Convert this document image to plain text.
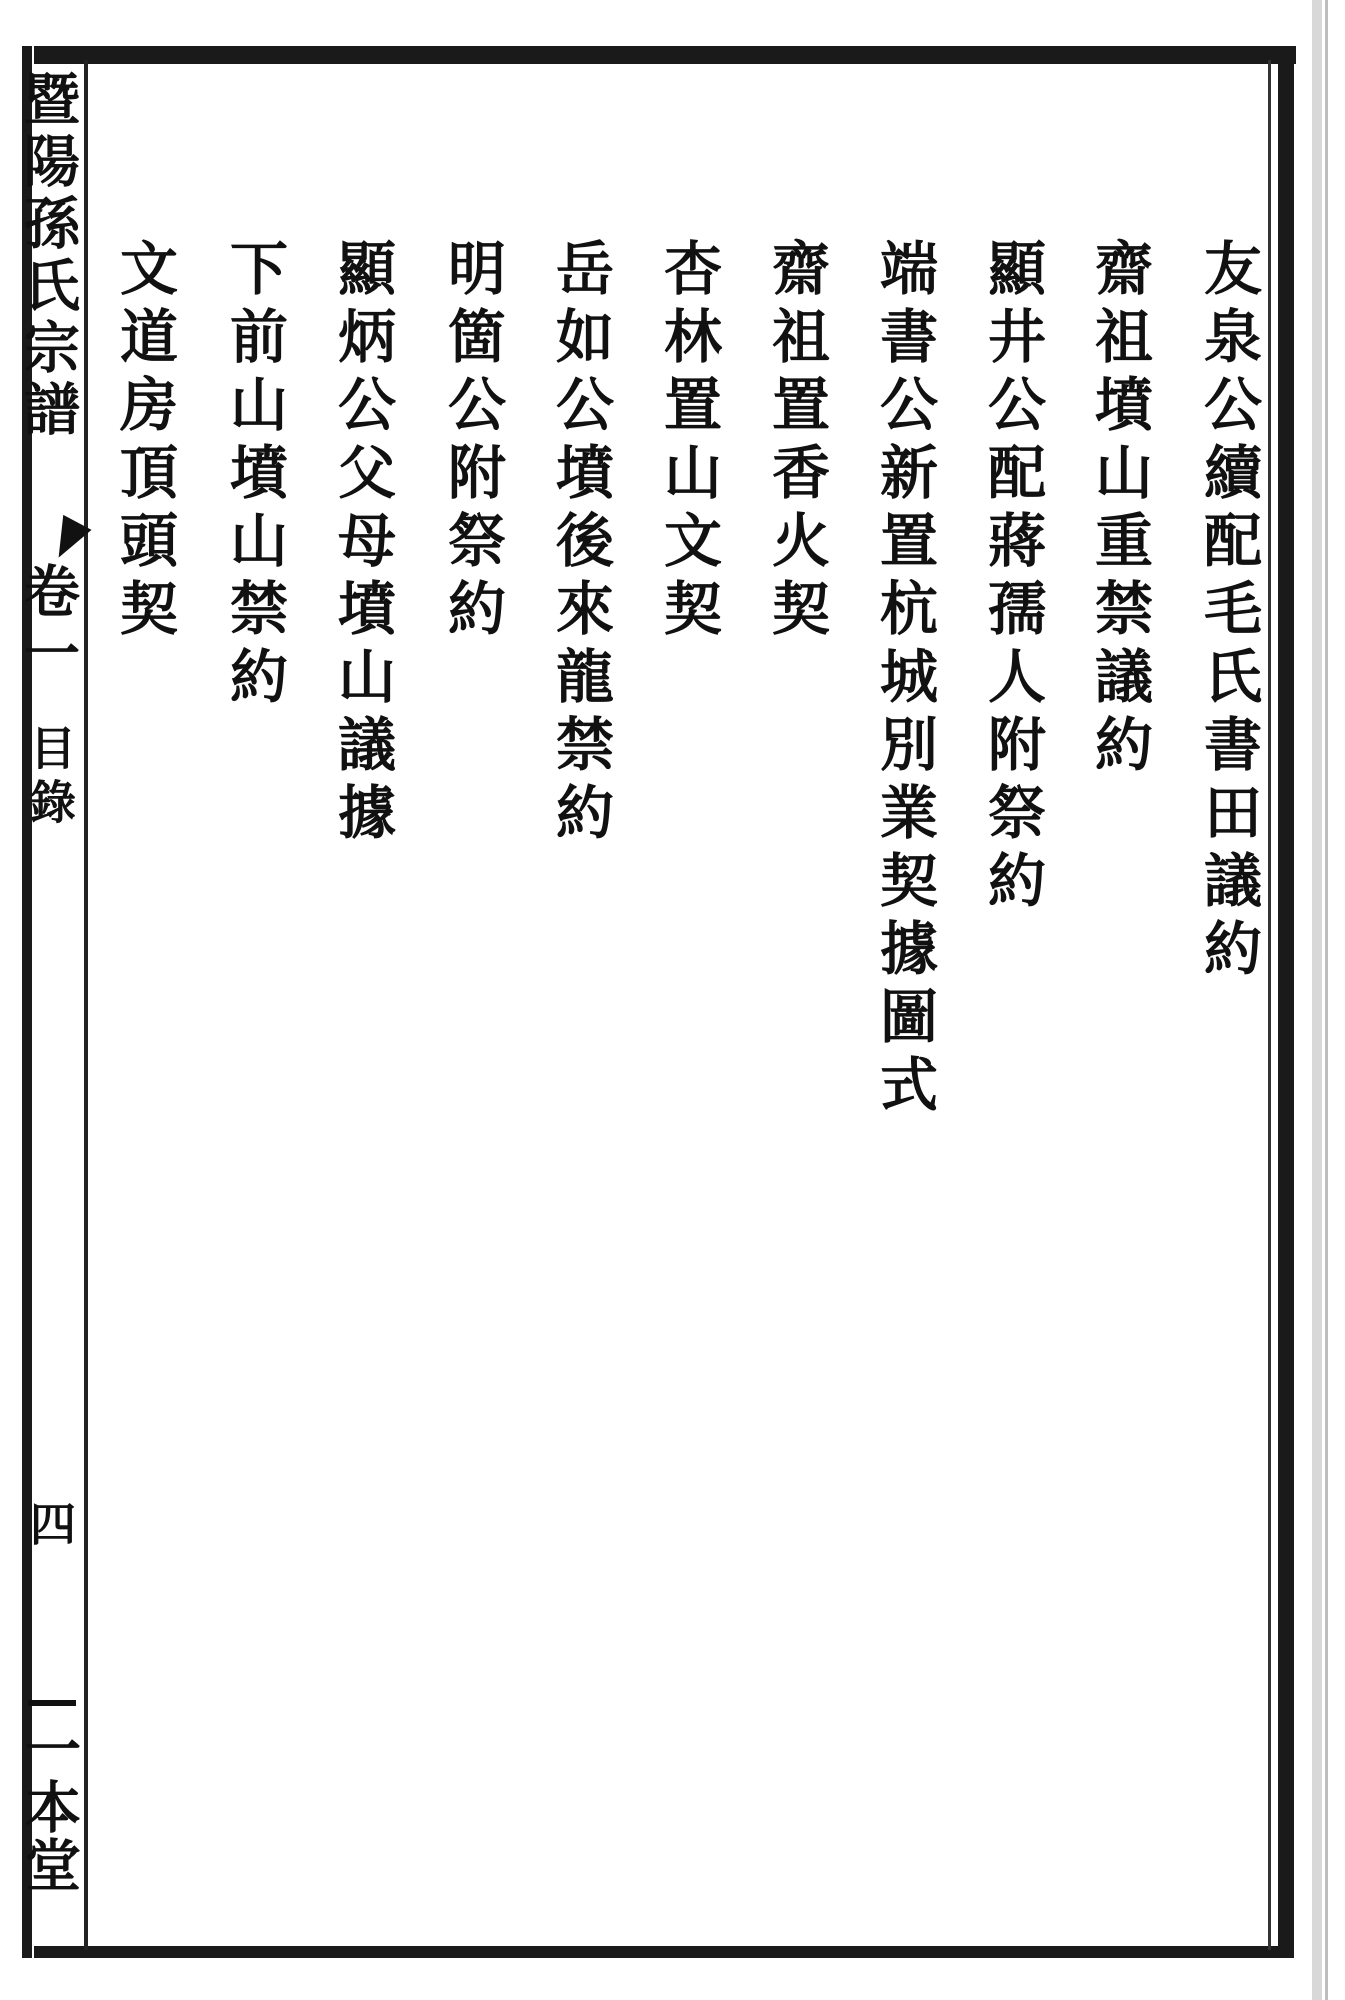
友泉公續配毛氏書田議約
齋祖墳山重禁議約
顯井公配蔣孺人附祭約
端書公新置杭城別業契據圖式
齋祖置香火契
杏林置山文契
岳如公墳後來龍禁約
明箇公附祭約
顯炳公父母墳山議據
下前山墳山禁約
文道房頂頭契
暨陽孫氏宗譜
卷一
目錄
四
一本堂
